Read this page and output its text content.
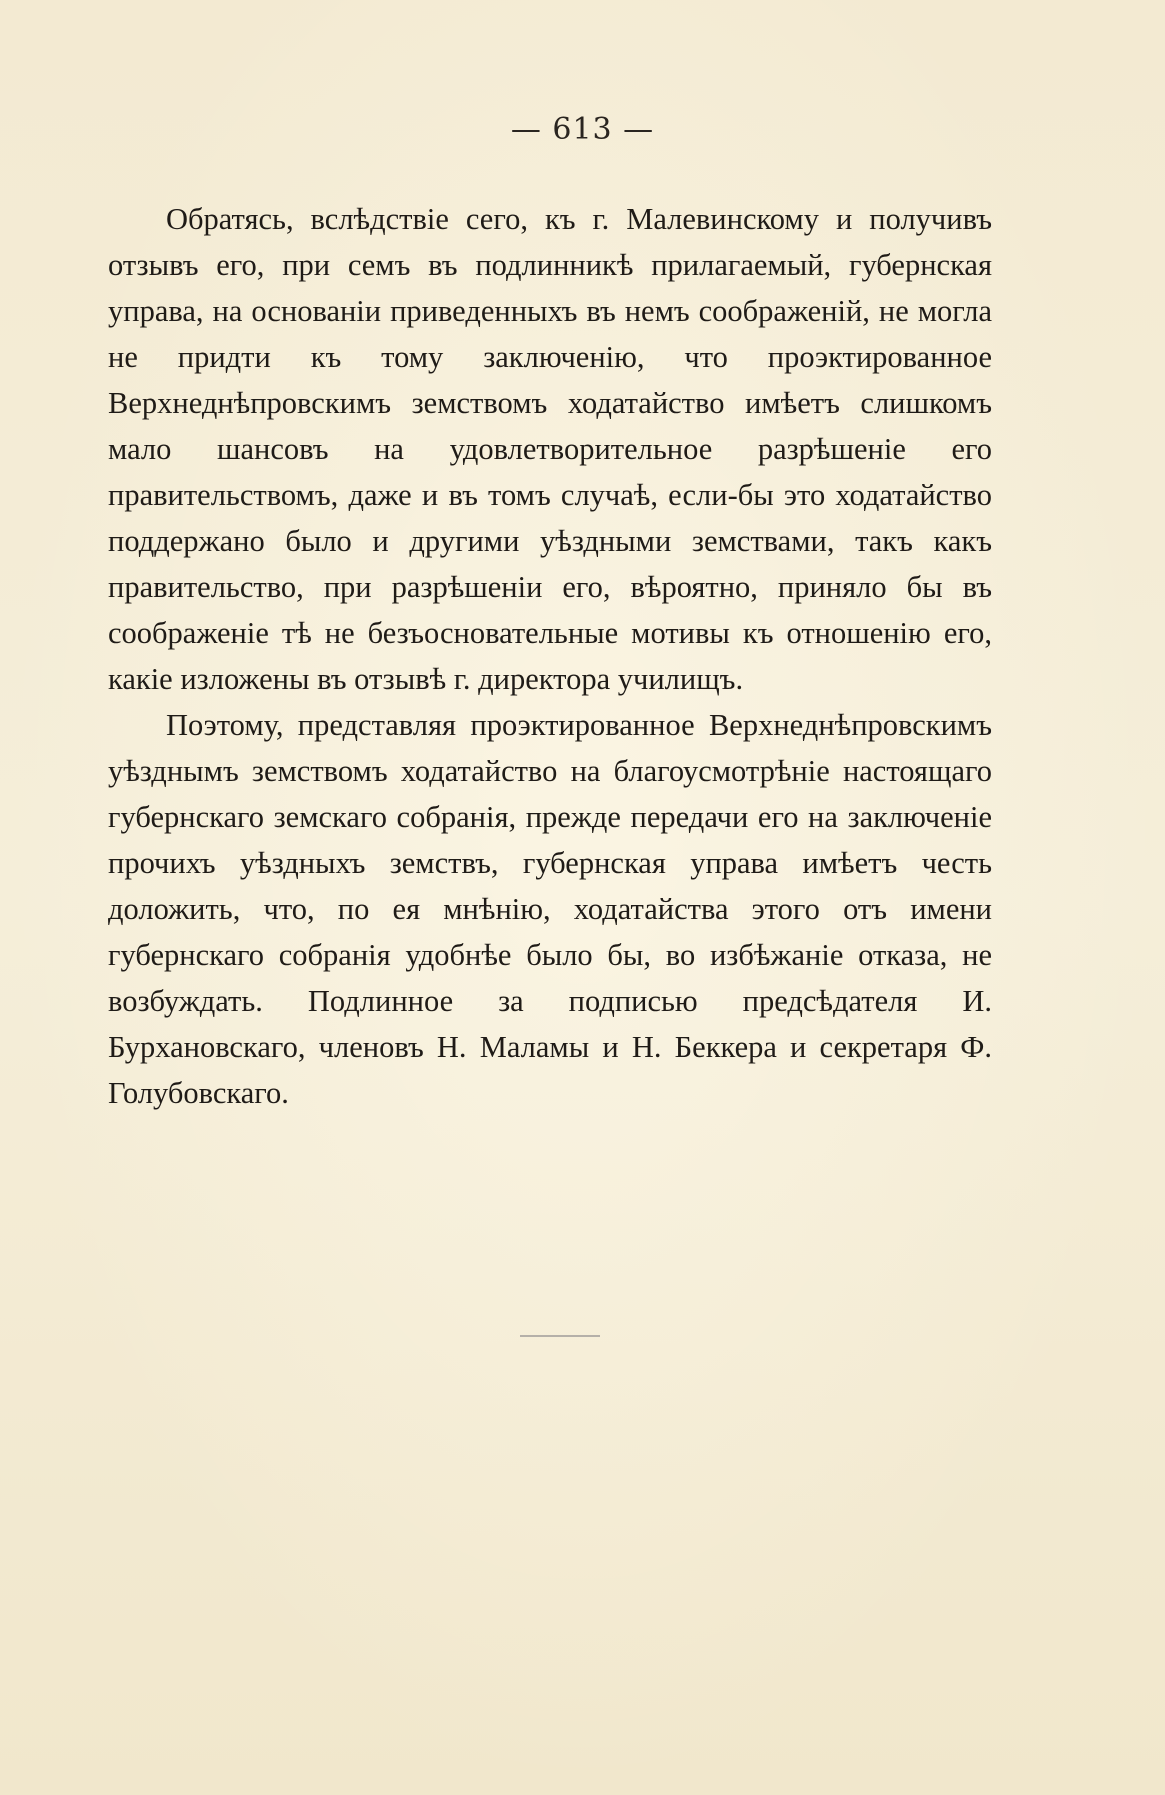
— 613 —

Обратясь, вслѣдствіе сего, къ г. Малевинскому и получивъ отзывъ его, при семъ въ подлинникѣ прилагаемый, губернская управа, на основаніи приведенныхъ въ немъ соображеній, не могла не придти къ тому заключенію, что проэктированное Верхнеднѣпровскимъ земствомъ ходатайство имѣетъ слишкомъ мало шансовъ на удовлетворительное разрѣшеніе его правительствомъ, даже и въ томъ случаѣ, если-бы это ходатайство поддержано было и другими уѣздными земствами, такъ какъ правительство, при разрѣшеніи его, вѣроятно, приняло бы въ соображеніе тѣ не безъосновательные мотивы къ отношенію его, какіе изложены въ отзывѣ г. директора училищъ.

Поэтому, представляя проэктированное Верхнеднѣпровскимъ уѣзднымъ земствомъ ходатайство на благоусмотрѣніе настоящаго губернскаго земскаго собранія, прежде передачи его на заключеніе прочихъ уѣздныхъ земствъ, губернская управа имѣетъ честь доложить, что, по ея мнѣнію, ходатайства этого отъ имени губернскаго собранія удобнѣе было бы, во избѣжаніе отказа, не возбуждать. Подлинное за подписью предсѣдателя И. Бурхановскаго, членовъ Н. Маламы и Н. Беккера и секретаря Ф. Голубовскаго.
